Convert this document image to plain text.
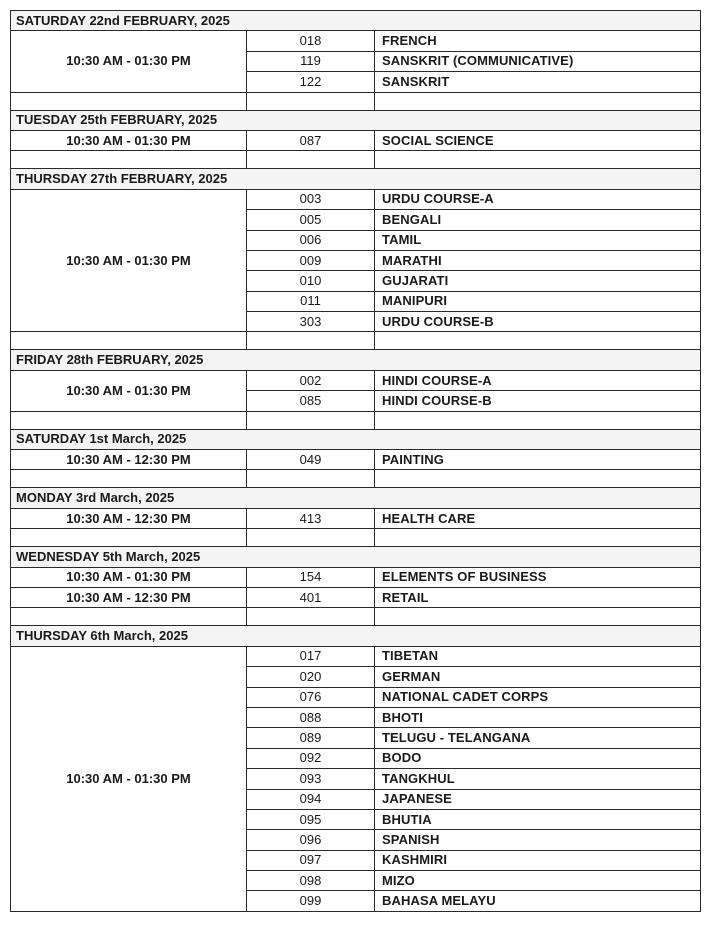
SATURDAY 22nd FEBRUARY, 2025		
10:30 AM - 01:30 PM	018	FRENCH
	119	SANSKRIT (COMMUNICATIVE)
	122	SANSKRIT

TUESDAY 25th FEBRUARY, 2025		
10:30 AM - 01:30 PM	087	SOCIAL SCIENCE

THURSDAY 27th FEBRUARY, 2025		
10:30 AM - 01:30 PM	003	URDU COURSE-A
	005	BENGALI
	006	TAMIL
	009	MARATHI
	010	GUJARATI
	011	MANIPURI
	303	URDU COURSE-B

FRIDAY 28th FEBRUARY, 2025		
10:30 AM - 01:30 PM	002	HINDI COURSE-A
	085	HINDI COURSE-B

SATURDAY 1st March, 2025		
10:30 AM - 12:30 PM	049	PAINTING

MONDAY 3rd March, 2025		
10:30 AM - 12:30 PM	413	HEALTH CARE

WEDNESDAY 5th March, 2025		
10:30 AM - 01:30 PM	154	ELEMENTS OF BUSINESS
10:30 AM - 12:30 PM	401	RETAIL

THURSDAY 6th March, 2025		
10:30 AM - 01:30 PM	017	TIBETAN
	020	GERMAN
	076	NATIONAL CADET CORPS
	088	BHOTI
	089	TELUGU - TELANGANA
	092	BODO
	093	TANGKHUL
	094	JAPANESE
	095	BHUTIA
	096	SPANISH
	097	KASHMIRI
	098	MIZO
	099	BAHASA MELAYU
